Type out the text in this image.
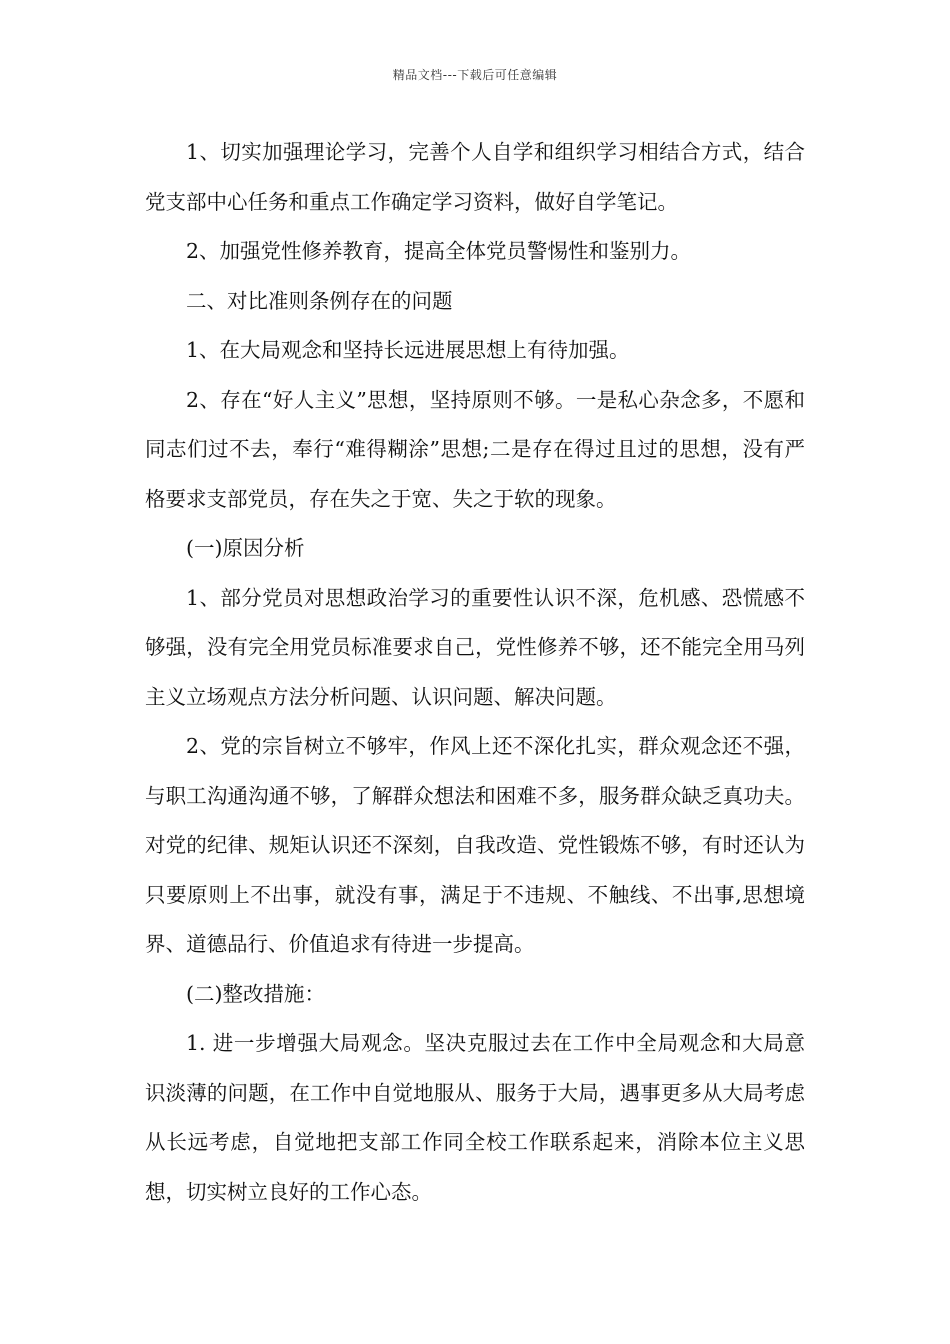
精品文档---下载后可任意编辑

1、切实加强理论学习，完善个人自学和组织学习相结合方式，结合党支部中心任务和重点工作确定学习资料，做好自学笔记。

2、加强党性修养教育，提高全体党员警惕性和鉴别力。

二、对比准则条例存在的问题

1、在大局观念和坚持长远进展思想上有待加强。

2、存在“好人主义”思想，坚持原则不够。一是私心杂念多，不愿和同志们过不去，奉行“难得糊涂”思想;二是存在得过且过的思想，没有严格要求支部党员，存在失之于宽、失之于软的现象。

(一)原因分析

1、部分党员对思想政治学习的重要性认识不深，危机感、恐慌感不够强，没有完全用党员标准要求自己，党性修养不够，还不能完全用马列主义立场观点方法分析问题、认识问题、解决问题。

2、党的宗旨树立不够牢，作风上还不深化扎实，群众观念还不强，与职工沟通沟通不够，了解群众想法和困难不多，服务群众缺乏真功夫。对党的纪律、规矩认识还不深刻，自我改造、党性锻炼不够，有时还认为只要原则上不出事，就没有事，满足于不违规、不触线、不出事,思想境界、道德品行、价值追求有待进一步提高。

(二)整改措施：

1. 进一步增强大局观念。坚决克服过去在工作中全局观念和大局意识淡薄的问题，在工作中自觉地服从、服务于大局，遇事更多从大局考虑从长远考虑，自觉地把支部工作同全校工作联系起来，消除本位主义思想，切实树立良好的工作心态。
